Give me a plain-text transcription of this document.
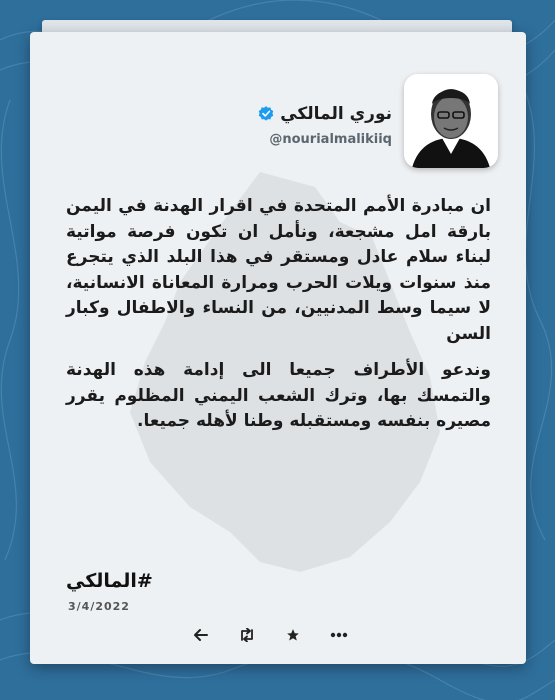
نوري المالكي
@nourialmalikiiq

ان مبادرة الأمم المتحدة في اقرار الهدنة في اليمن بارقة امل مشجعة، ونأمل ان تكون فرصة مواتية لبناء سلام عادل ومستقر في هذا البلد الذي يتجرع منذ سنوات ويلات الحرب ومرارة المعاناة الانسانية، لا سيما وسط المدنيين، من النساء والاطفال وكبار السن

وندعو الأطراف جميعا الى إدامة هذه الهدنة والتمسك بها، وترك الشعب اليمني المظلوم يقرر مصيره بنفسه ومستقبله وطنا لأهله جميعا.

#المالكي
3/4/2022
